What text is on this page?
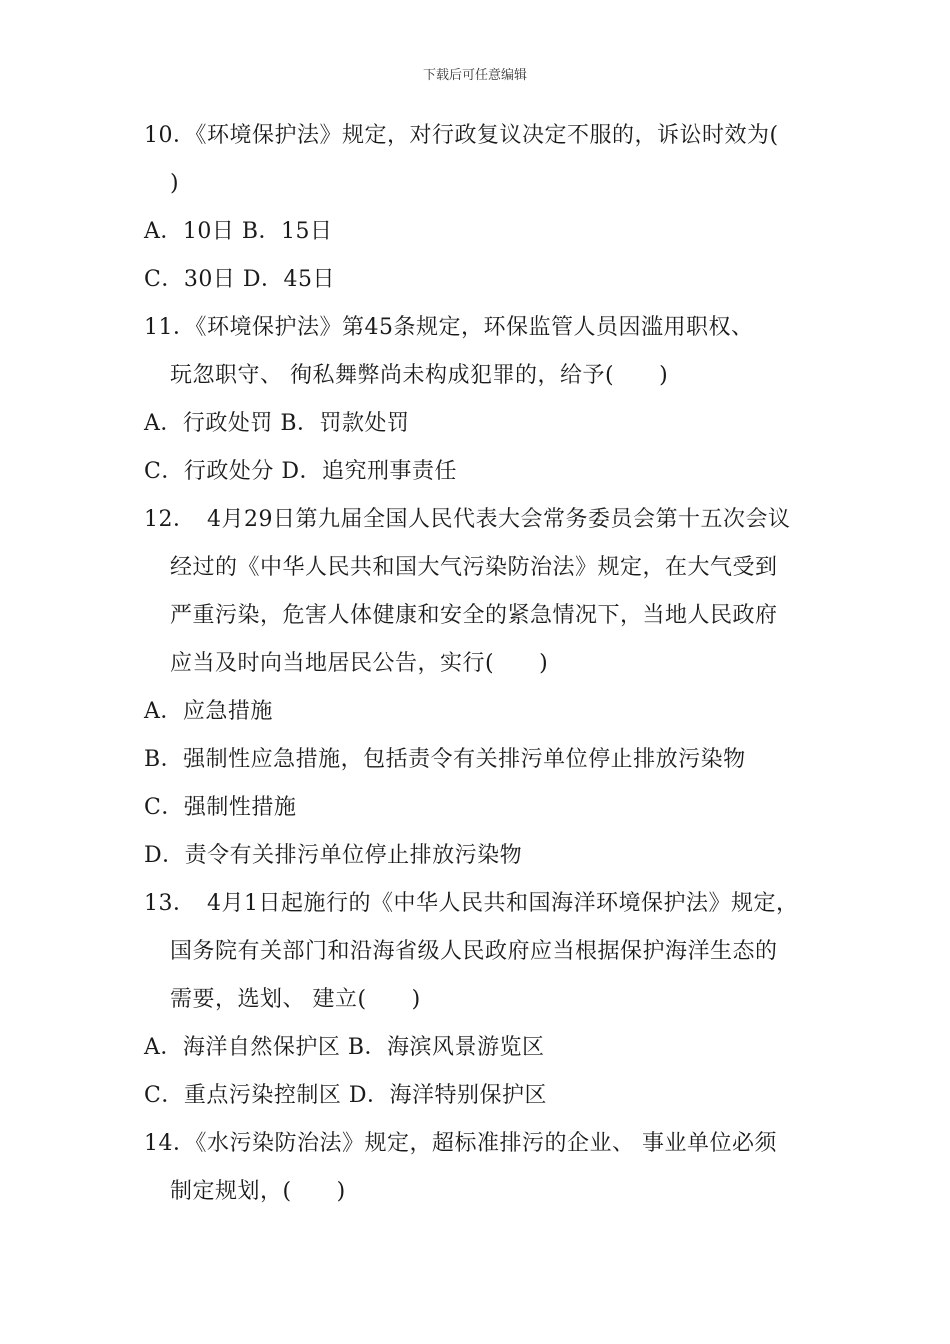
下载后可任意编辑
10．《环境保护法》规定，对行政复议决定不服的，诉讼时效为(
)
A．10日 B．15日
C．30日 D．45日
11．《环境保护法》第45条规定，环保监管人员因滥用职权、
玩忽职守、 徇私舞弊尚未构成犯罪的，给予(　　)
A．行政处罚 B．罚款处罚
C．行政处分 D．追究刑事责任
12．　4月29日第九届全国人民代表大会常务委员会第十五次会议
经过的《中华人民共和国大气污染防治法》规定，在大气受到
严重污染，危害人体健康和安全的紧急情况下，当地人民政府
应当及时向当地居民公告，实行(　　)
A．应急措施
B．强制性应急措施，包括责令有关排污单位停止排放污染物
C．强制性措施
D．责令有关排污单位停止排放污染物
13．　4月1日起施行的《中华人民共和国海洋环境保护法》规定，
国务院有关部门和沿海省级人民政府应当根据保护海洋生态的
需要，选划、 建立(　　)
A．海洋自然保护区 B．海滨风景游览区
C．重点污染控制区 D．海洋特别保护区
14．《水污染防治法》规定，超标准排污的企业、 事业单位必须
制定规划，(　　)
